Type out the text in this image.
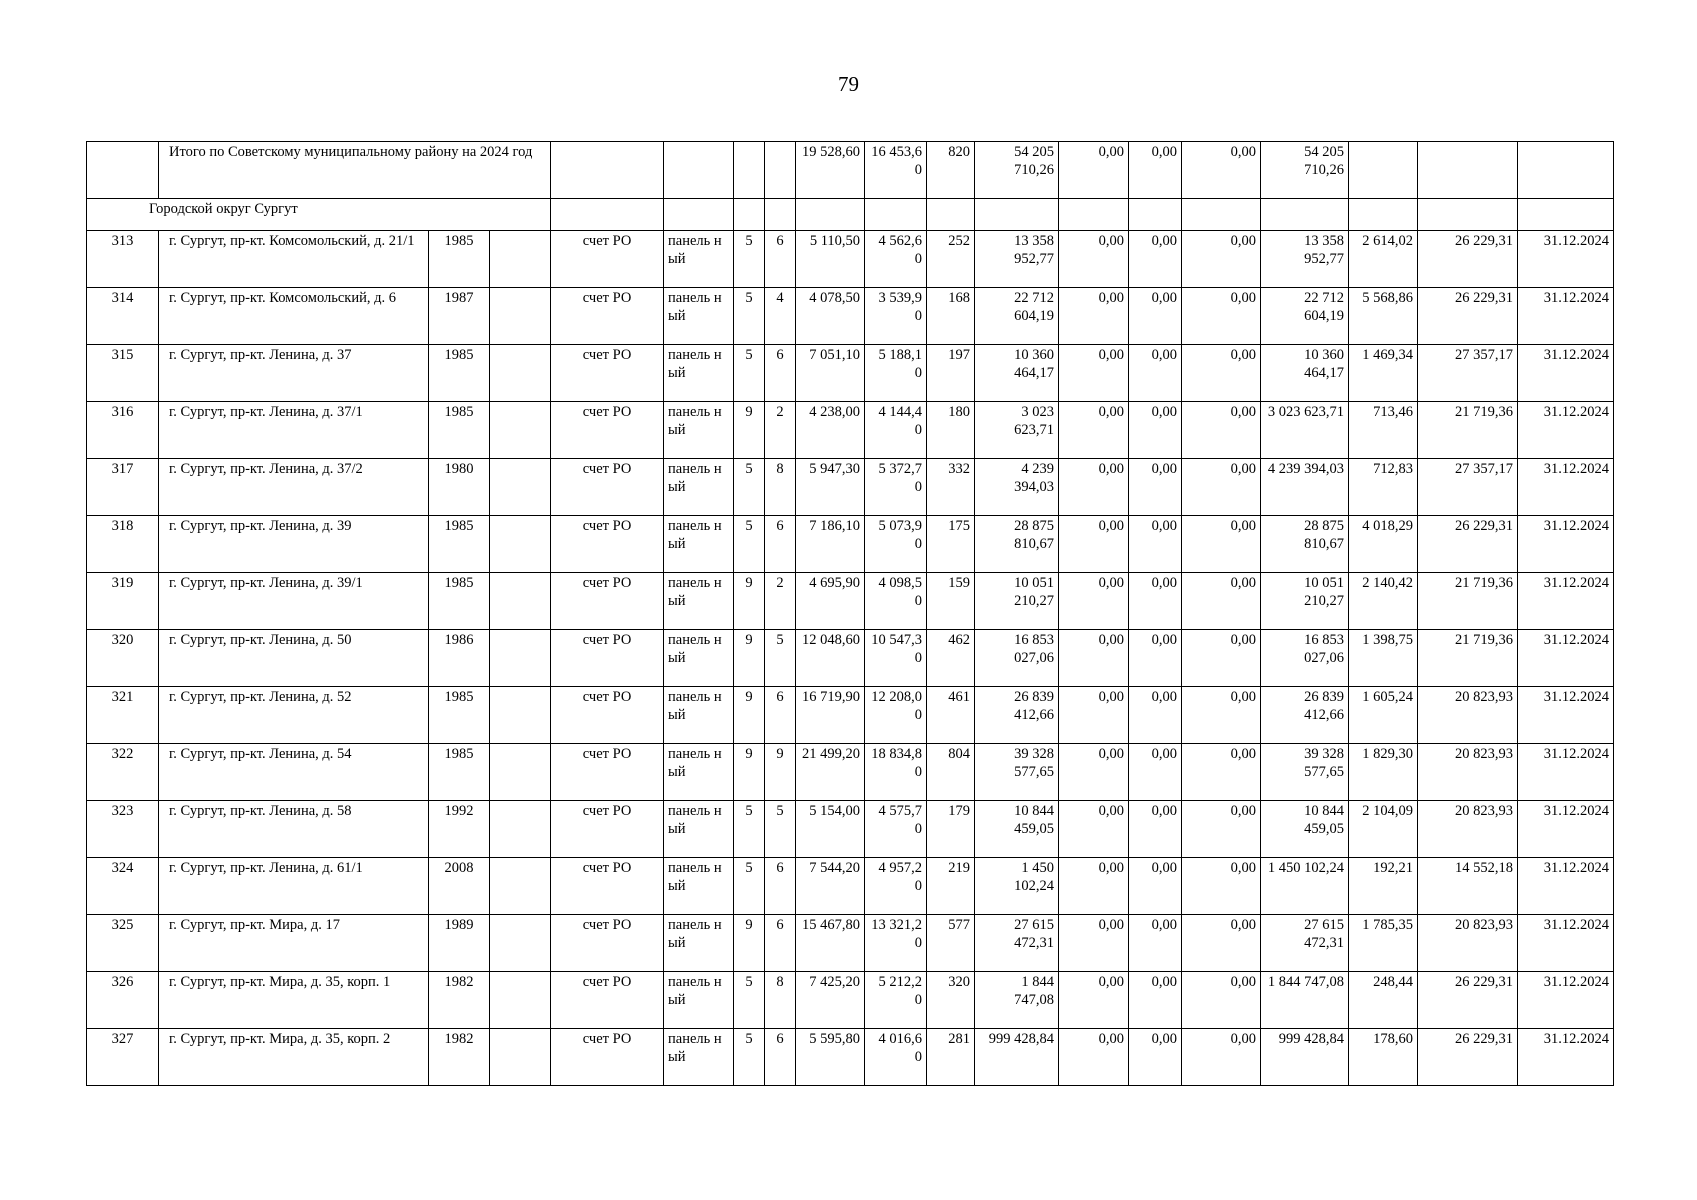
79
	Итого по Советскому муниципальному району на 2024 год							19 528,60	16 453,6 0	820	54 205 710,26	0,00	0,00	0,00	54 205 710,26			
Городской округ Сургут																		
313	г. Сургут, пр-кт. Комсомольский, д. 21/1	1985		счет РО	панель ный	5	6	5 110,50	4 562,6 0	252	13 358 952,77	0,00	0,00	0,00	13 358 952,77	2 614,02	26 229,31	31.12.2024
314	г. Сургут, пр-кт. Комсомольский, д. 6	1987		счет РО	панель ный	5	4	4 078,50	3 539,9 0	168	22 712 604,19	0,00	0,00	0,00	22 712 604,19	5 568,86	26 229,31	31.12.2024
315	г. Сургут, пр-кт. Ленина, д. 37	1985		счет РО	панель ный	5	6	7 051,10	5 188,1 0	197	10 360 464,17	0,00	0,00	0,00	10 360 464,17	1 469,34	27 357,17	31.12.2024
316	г. Сургут, пр-кт. Ленина, д. 37/1	1985		счет РО	панель ный	9	2	4 238,00	4 144,4 0	180	3 023 623,71	0,00	0,00	0,00	3 023 623,71	713,46	21 719,36	31.12.2024
317	г. Сургут, пр-кт. Ленина, д. 37/2	1980		счет РО	панель ный	5	8	5 947,30	5 372,7 0	332	4 239 394,03	0,00	0,00	0,00	4 239 394,03	712,83	27 357,17	31.12.2024
318	г. Сургут, пр-кт. Ленина, д. 39	1985		счет РО	панель ный	5	6	7 186,10	5 073,9 0	175	28 875 810,67	0,00	0,00	0,00	28 875 810,67	4 018,29	26 229,31	31.12.2024
319	г. Сургут, пр-кт. Ленина, д. 39/1	1985		счет РО	панель ный	9	2	4 695,90	4 098,5 0	159	10 051 210,27	0,00	0,00	0,00	10 051 210,27	2 140,42	21 719,36	31.12.2024
320	г. Сургут, пр-кт. Ленина, д. 50	1986		счет РО	панель ный	9	5	12 048,60	10 547,3 0	462	16 853 027,06	0,00	0,00	0,00	16 853 027,06	1 398,75	21 719,36	31.12.2024
321	г. Сургут, пр-кт. Ленина, д. 52	1985		счет РО	панель ный	9	6	16 719,90	12 208,0 0	461	26 839 412,66	0,00	0,00	0,00	26 839 412,66	1 605,24	20 823,93	31.12.2024
322	г. Сургут, пр-кт. Ленина, д. 54	1985		счет РО	панель ный	9	9	21 499,20	18 834,8 0	804	39 328 577,65	0,00	0,00	0,00	39 328 577,65	1 829,30	20 823,93	31.12.2024
323	г. Сургут, пр-кт. Ленина, д. 58	1992		счет РО	панель ный	5	5	5 154,00	4 575,7 0	179	10 844 459,05	0,00	0,00	0,00	10 844 459,05	2 104,09	20 823,93	31.12.2024
324	г. Сургут, пр-кт. Ленина, д. 61/1	2008		счет РО	панель ный	5	6	7 544,20	4 957,2 0	219	1 450 102,24	0,00	0,00	0,00	1 450 102,24	192,21	14 552,18	31.12.2024
325	г. Сургут, пр-кт. Мира, д. 17	1989		счет РО	панель ный	9	6	15 467,80	13 321,2 0	577	27 615 472,31	0,00	0,00	0,00	27 615 472,31	1 785,35	20 823,93	31.12.2024
326	г. Сургут, пр-кт. Мира, д. 35, корп. 1	1982		счет РО	панель ный	5	8	7 425,20	5 212,2 0	320	1 844 747,08	0,00	0,00	0,00	1 844 747,08	248,44	26 229,31	31.12.2024
327	г. Сургут, пр-кт. Мира, д. 35, корп. 2	1982		счет РО	панель ный	5	6	5 595,80	4 016,6 0	281	999 428,84	0,00	0,00	0,00	999 428,84	178,60	26 229,31	31.12.2024
